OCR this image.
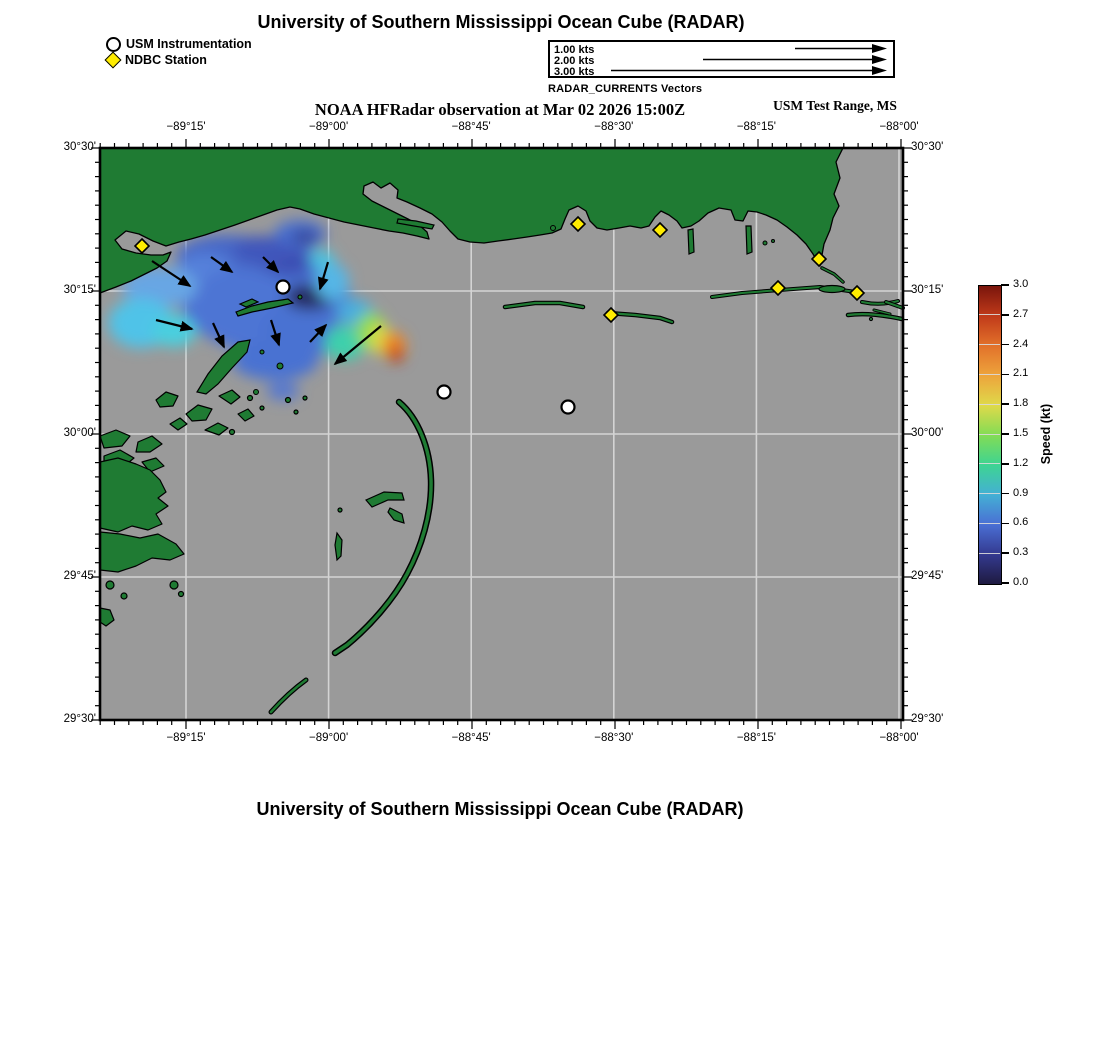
University of Southern Mississippi Ocean Cube (RADAR)
USM Instrumentation
NDBC Station
1.00 kts
2.00 kts
3.00 kts
RADAR_CURRENTS Vectors
NOAA HFRadar observation at Mar 02 2026 15:00Z	USM Test Range, MS
−89°15'
−89°15'
−89°00'
−89°00'
−88°45'
−88°45'
−88°30'
−88°30'
−88°15'
−88°15'
−88°00'
−88°00'
30°30'	30°30'
30°15'	30°15'
30°00'	30°00'
29°45'	29°45'
29°30'	29°30'
3.0
2.7
2.4
2.1
1.8
1.5
1.2
0.9
0.6
0.3
0.0
Speed (kt)
University of Southern Mississippi Ocean Cube (RADAR)
